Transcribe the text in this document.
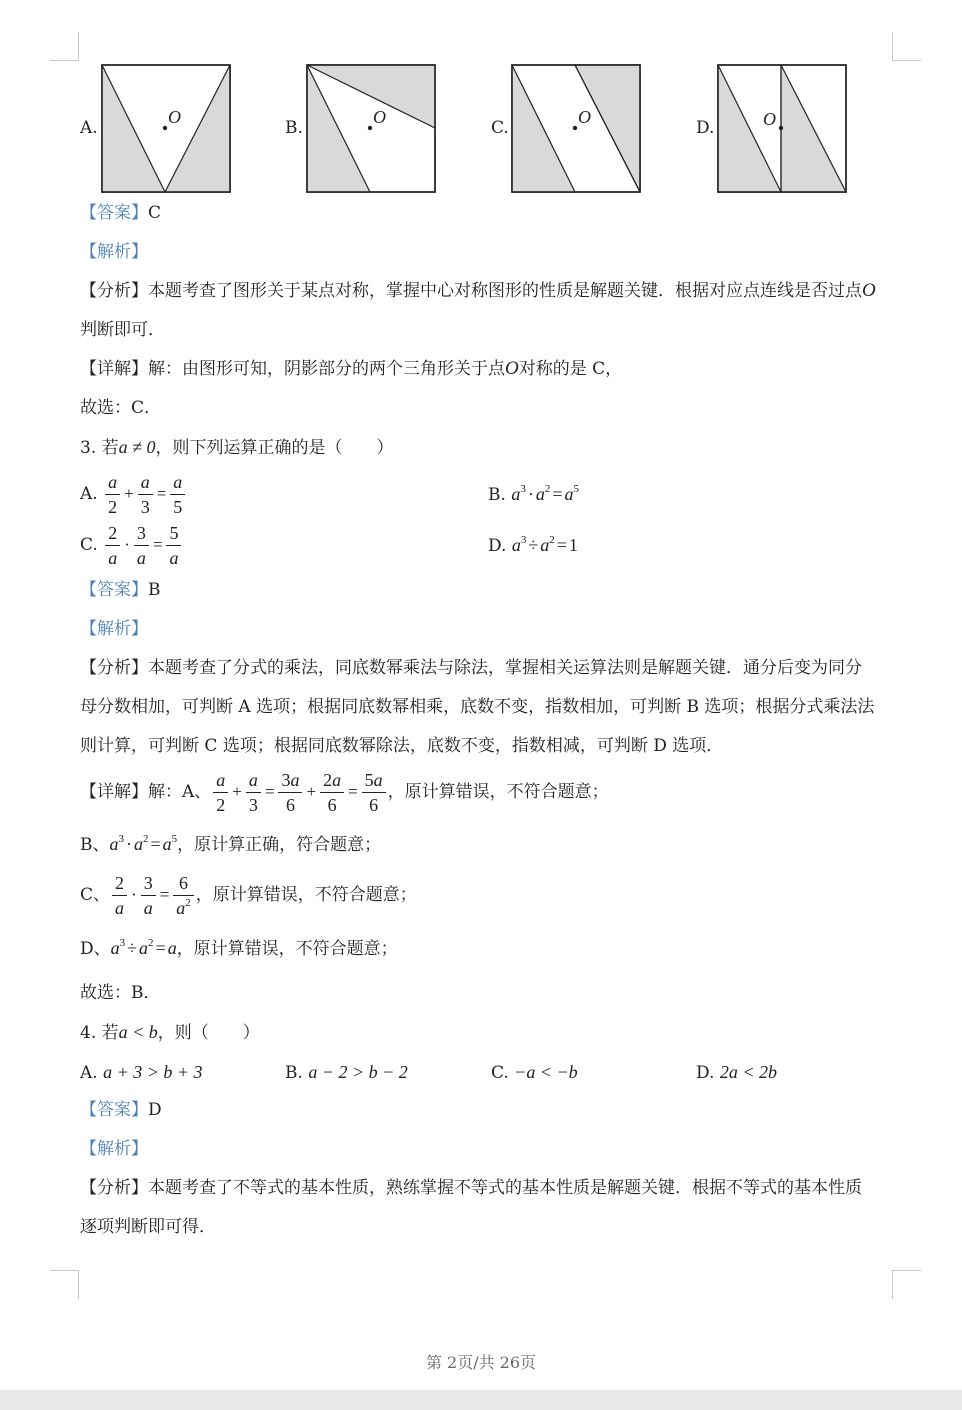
A.
O
B.
O
C.
O
D.	O
【答案】C
【解析】
【分析】本题考查了图形关于某点对称，掌握中心对称图形的性质是解题关键．根据对应点连线是否过点O
判断即可．
【详解】解：由图形可知，阴影部分的两个三角形关于点O对称的是 C，
故选：C．
3. 若a ≠ 0，则下列运算正确的是（　　）
A. $\frac{a}{2} + \frac{a}{3} = \frac{a}{5}$	B. $a^3 \cdot a^2 = a^5$
C. $\frac{2}{a} \cdot \frac{3}{a} = \frac{5}{a}$	D. $a^3 \div a^2 = 1$
【答案】B
【解析】
【分析】本题考查了分式的乘法，同底数幂乘法与除法，掌握相关运算法则是解题关键．通分后变为同分
母分数相加，可判断 A 选项；根据同底数幂相乘，底数不变，指数相加，可判断 B 选项；根据分式乘法法
则计算，可判断 C 选项；根据同底数幂除法，底数不变，指数相减，可判断 D 选项．
【详解】解：A、 $\frac{a}{2} + \frac{a}{3} = \frac{3a}{6} + \frac{2a}{6} = \frac{5a}{6}$ ，原计算错误，不符合题意；
B、$a^3 \cdot a^2 = a^5$，原计算正确，符合题意；
C、 $\frac{2}{a} \cdot \frac{3}{a} = \frac{6}{a^2}$ ，原计算错误，不符合题意；
D、$a^3 \div a^2 = a$，原计算错误，不符合题意；
故选：B．
4. 若a < b，则（　　）
A. a + 3 > b + 3	B. a − 2 > b − 2	C. −a < −b	D. 2a < 2b
【答案】D
【解析】
【分析】本题考查了不等式的基本性质，熟练掌握不等式的基本性质是解题关键．根据不等式的基本性质
逐项判断即可得．
第 2页/共 26页
